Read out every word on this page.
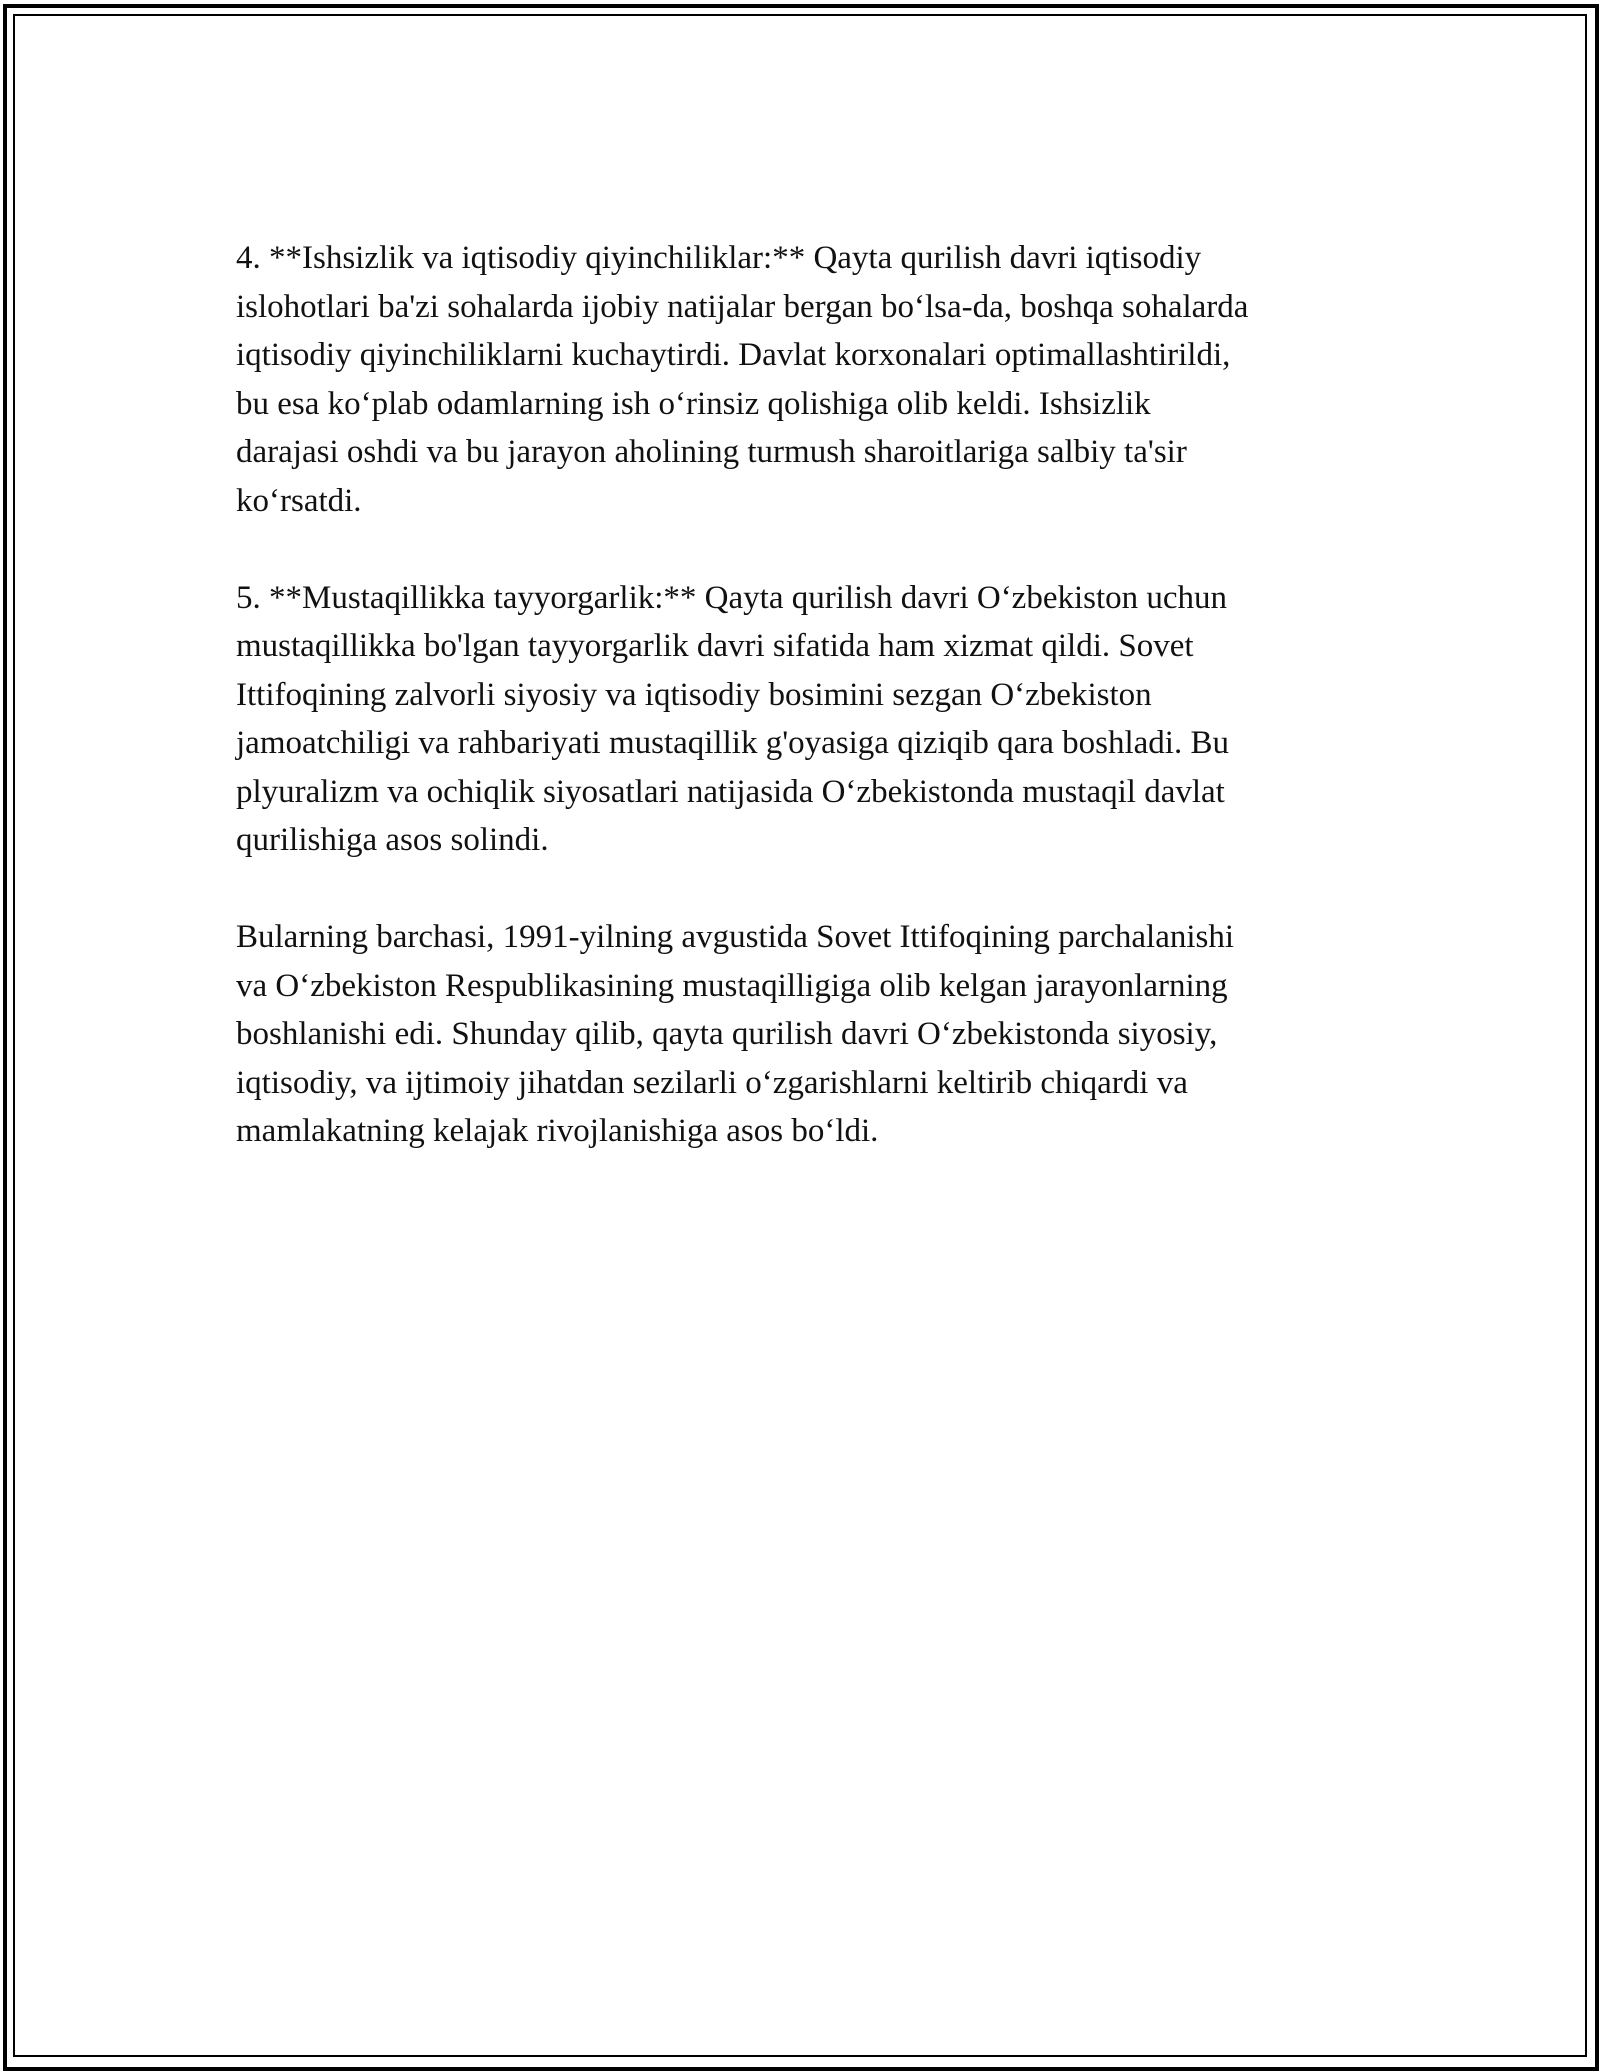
4. **Ishsizlik va iqtisodiy qiyinchiliklar:** Qayta qurilish davri iqtisodiy
islohotlari ba'zi sohalarda ijobiy natijalar bergan bo‘lsa-da, boshqa sohalarda
iqtisodiy qiyinchiliklarni kuchaytirdi. Davlat korxonalari optimallashtirildi,
bu esa ko‘plab odamlarning ish o‘rinsiz qolishiga olib keldi. Ishsizlik
darajasi oshdi va bu jarayon aholining turmush sharoitlariga salbiy ta'sir
ko‘rsatdi.

5. **Mustaqillikka tayyorgarlik:** Qayta qurilish davri O‘zbekiston uchun
mustaqillikka bo'lgan tayyorgarlik davri sifatida ham xizmat qildi. Sovet
Ittifoqining zalvorli siyosiy va iqtisodiy bosimini sezgan O‘zbekiston
jamoatchiligi va rahbariyati mustaqillik g'oyasiga qiziqib qara boshladi. Bu
plyuralizm va ochiqlik siyosatlari natijasida O‘zbekistonda mustaqil davlat
qurilishiga asos solindi.

Bularning barchasi, 1991-yilning avgustida Sovet Ittifoqining parchalanishi
va O‘zbekiston Respublikasining mustaqilligiga olib kelgan jarayonlarning
boshlanishi edi. Shunday qilib, qayta qurilish davri O‘zbekistonda siyosiy,
iqtisodiy, va ijtimoiy jihatdan sezilarli o‘zgarishlarni keltirib chiqardi va
mamlakatning kelajak rivojlanishiga asos bo‘ldi.
